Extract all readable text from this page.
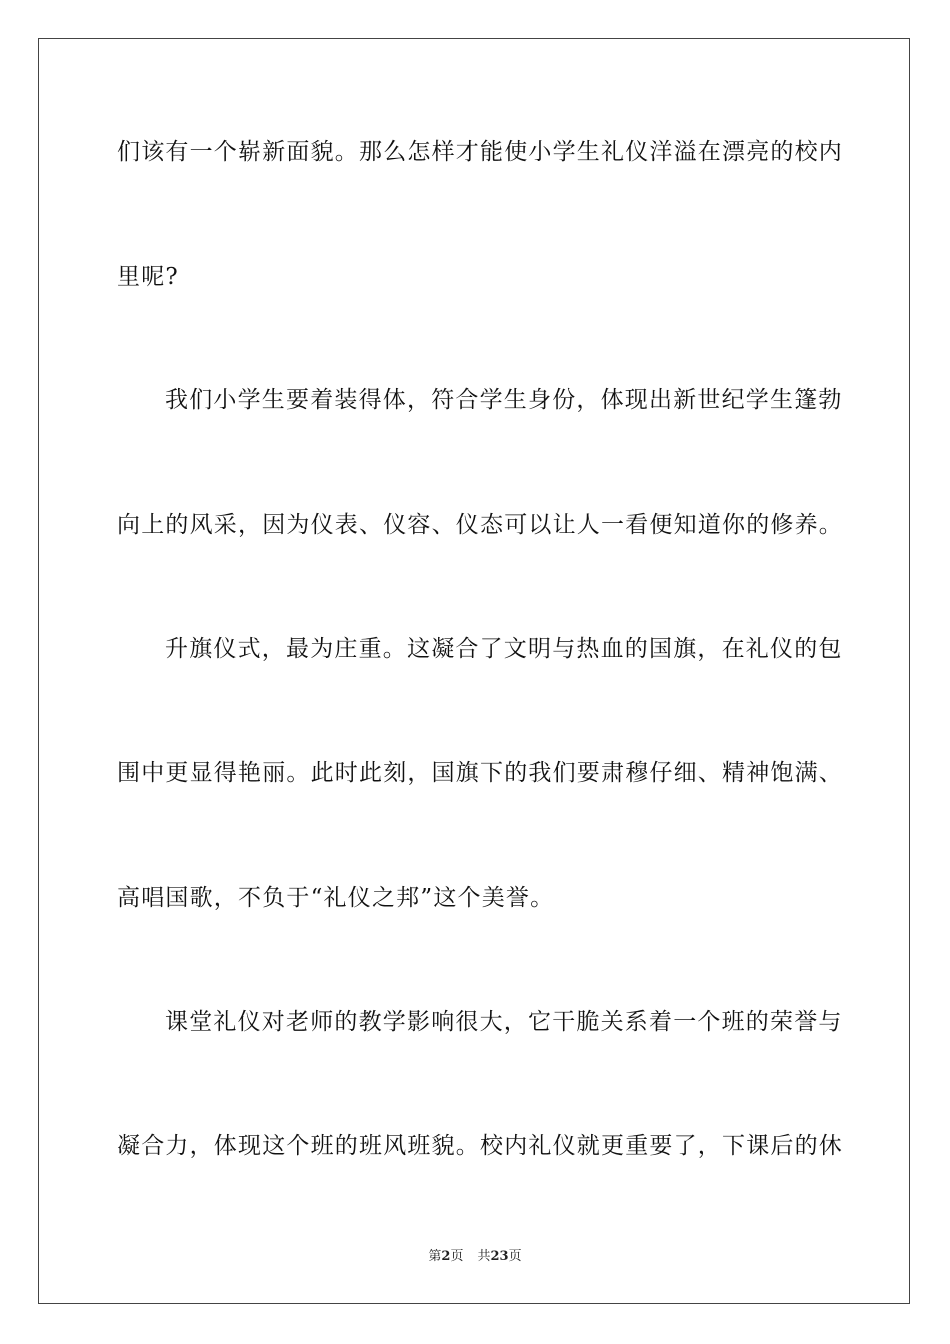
们该有一个崭新面貌。那么怎样才能使小学生礼仪洋溢在漂亮的校内
里呢?
我们小学生要着装得体，符合学生身份，体现出新世纪学生篷勃
向上的风采，因为仪表、仪容、仪态可以让人一看便知道你的修养。
升旗仪式，最为庄重。这凝合了文明与热血的国旗，在礼仪的包
围中更显得艳丽。此时此刻，国旗下的我们要肃穆仔细、精神饱满、
高唱国歌，不负于“礼仪之邦”这个美誉。
课堂礼仪对老师的教学影响很大，它干脆关系着一个班的荣誉与
凝合力，体现这个班的班风班貌。校内礼仪就更重要了，下课后的休
第2页 共23页
